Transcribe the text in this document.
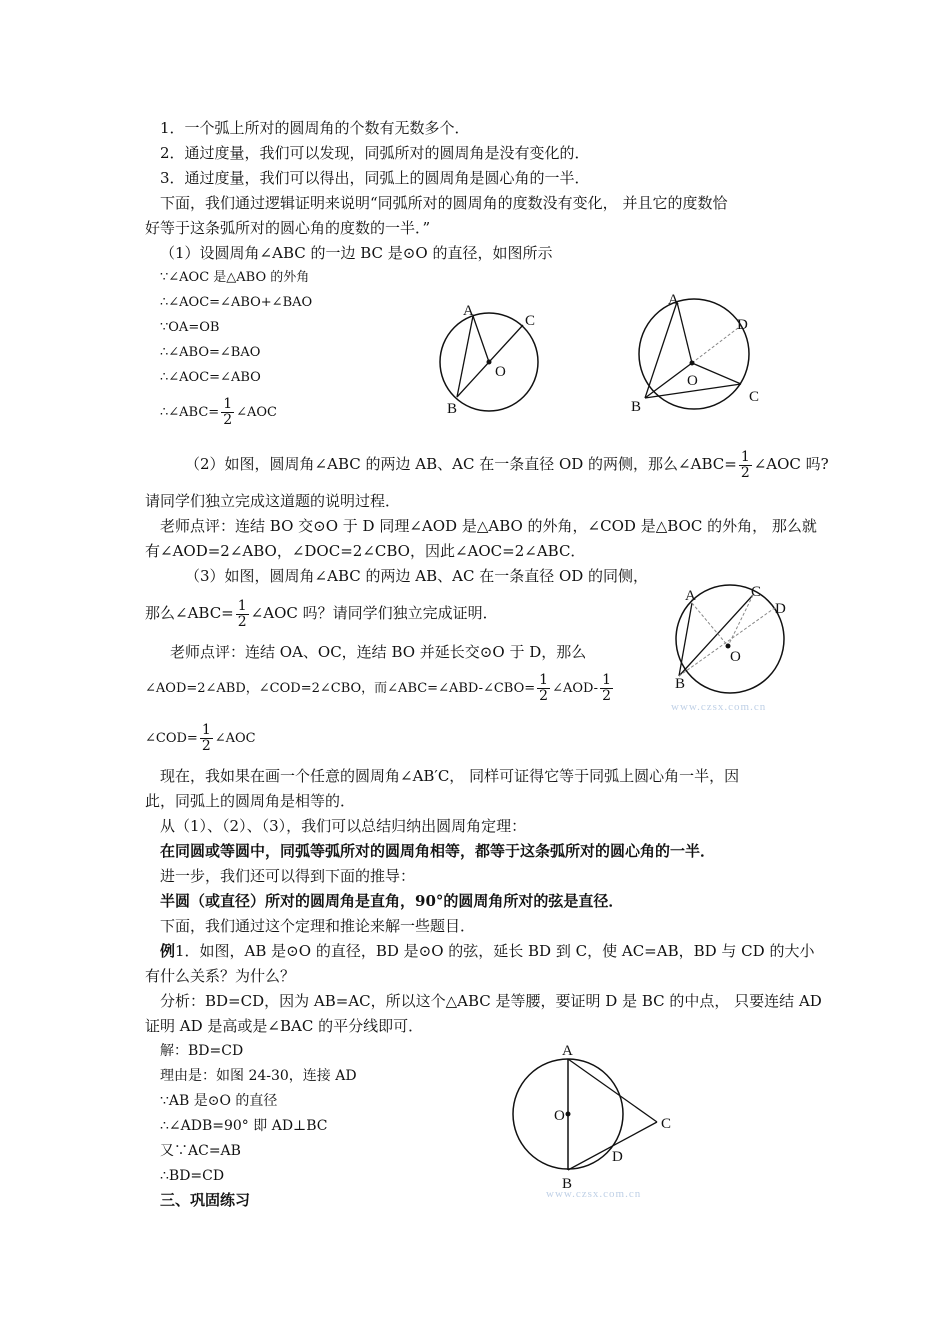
1．一个弧上所对的圆周角的个数有无数多个．
2．通过度量，我们可以发现，同弧所对的圆周角是没有变化的．
3．通过度量，我们可以得出，同弧上的圆周角是圆心角的一半．
下面，我们通过逻辑证明来说明“同弧所对的圆周角的度数没有变化， 并且它的度数恰
好等于这条弧所对的圆心角的度数的一半．”
（1）设圆周角∠ABC 的一边 BC 是⊙O 的直径，如图所示
∵∠AOC 是△ABO 的外角
∴∠AOC=∠ABO+∠BAO
∵OA=OB
∴∠ABO=∠BAO
∴∠AOC=∠ABO
∴∠ABC= $\frac{1}{2}$ ∠AOC
（2）如图，圆周角∠ABC 的两边 AB、AC 在一条直径 OD 的两侧，那么∠ABC= $\frac{1}{2}$ ∠AOC 吗?
请同学们独立完成这道题的说明过程．
老师点评：连结 BO 交⊙O 于 D 同理∠AOD 是△ABO 的外角，∠COD 是△BOC 的外角， 那么就
有∠AOD=2∠ABO，∠DOC=2∠CBO，因此∠AOC=2∠ABC．
（3）如图，圆周角∠ABC 的两边 AB、AC 在一条直径 OD 的同侧，
那么∠ABC= $\frac{1}{2}$ ∠AOC 吗？请同学们独立完成证明．
老师点评：连结 OA、OC，连结 BO 并延长交⊙O 于 D，那么
∠AOD=2∠ABD，∠COD=2∠CBO，而∠ABC=∠ABD-∠CBO= $\frac{1}{2}$ ∠AOD- $\frac{1}{2}$
∠COD= $\frac{1}{2}$ ∠AOC
现在，我如果在画一个任意的圆周角∠AB′C， 同样可证得它等于同弧上圆心角一半，因
此，同弧上的圆周角是相等的．
从（1）、（2）、（3），我们可以总结归纳出圆周角定理：
在同圆或等圆中，同弧等弧所对的圆周角相等，都等于这条弧所对的圆心角的一半．
进一步，我们还可以得到下面的推导：
半圆（或直径）所对的圆周角是直角，90°的圆周角所对的弦是直径．
下面，我们通过这个定理和推论来解一些题目．
例1．如图，AB 是⊙O 的直径，BD 是⊙O 的弦，延长 BD 到 C，使 AC=AB，BD 与 CD 的大小
有什么关系？为什么？
分析：BD=CD，因为 AB=AC，所以这个△ABC 是等腰，要证明 D 是 BC 的中点， 只要连结 AD
证明 AD 是高或是∠BAC 的平分线即可．
解：BD=CD
理由是：如图 24-30，连接 AD
∵AB 是⊙O 的直径
∴∠ADB=90° 即 AD⊥BC
又∵AC=AB
∴BD=CD
三、巩固练习
A
C
O
B
A
D
O
C
B
A	C
D
O
B
www.czsx.com.cn
A
O	C
D
B
www.czsx.com.cn
